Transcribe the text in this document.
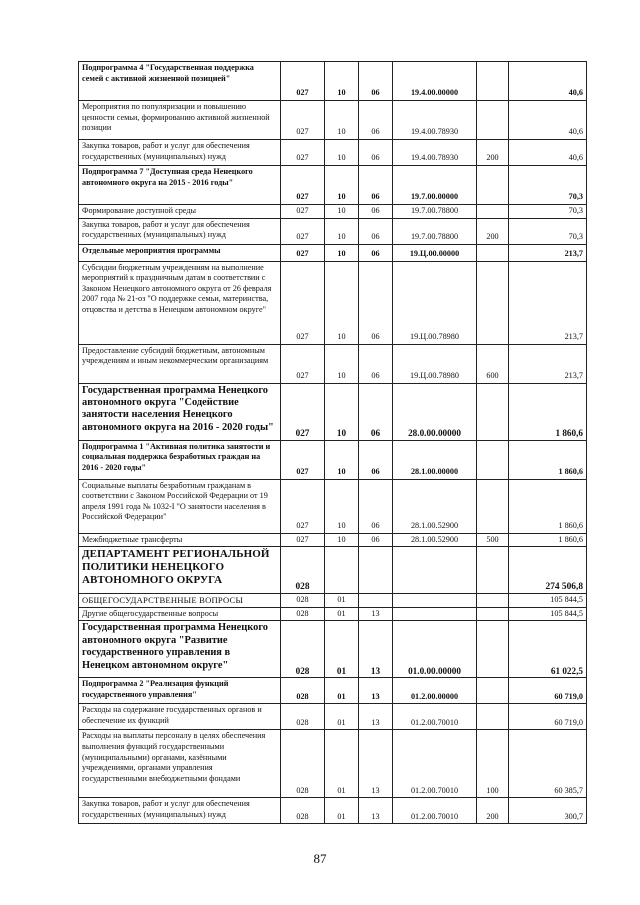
Подпрограмма 4 "Государственная поддержка семей с активной жизненной позицией"	027	10	06	19.4.00.00000		40,6
Мероприятия по популяризации и повышению ценности семьи, формированию активной жизненной позиции	027	10	06	19.4.00.78930		40,6
Закупка товаров, работ и услуг для обеспечения государственных (муниципальных) нужд	027	10	06	19.4.00.78930	200	40,6
Подпрограмма 7 "Доступная среда Ненецкого автономного округа на 2015 - 2016 годы"	027	10	06	19.7.00.00000		70,3
Формирование доступной среды	027	10	06	19.7.00.78800		70,3
Закупка товаров, работ и услуг для обеспечения государственных (муниципальных) нужд	027	10	06	19.7.00.78800	200	70,3
Отдельные мероприятия программы	027	10	06	19.Ц.00.00000		213,7
Субсидии бюджетным учреждениям на выполнение мероприятий к праздничным датам в соответствии с Законом Ненецкого автономного округа от 26 февраля 2007 года № 21-оз "О поддержке семьи, материнства, отцовства и детства в Ненецком автономном округе"	027	10	06	19.Ц.00.78980		213,7
Предоставление субсидий бюджетным, автономным учреждениям и иным некоммерческим организациям	027	10	06	19.Ц.00.78980	600	213,7
Государственная программа Ненецкого автономного округа "Содействие занятости населения Ненецкого автономного округа на 2016 - 2020 годы"	027	10	06	28.0.00.00000		1 860,6
Подпрограмма 1 "Активная политика занятости и социальная поддержка безработных граждан на 2016 - 2020 годы"	027	10	06	28.1.00.00000		1 860,6
Социальные выплаты безработным гражданам в соответствии с Законом Российской Федерации от 19 апреля 1991 года № 1032-I "О занятости населения в Российской Федерации"	027	10	06	28.1.00.52900		1 860,6
Межбюджетные трансферты	027	10	06	28.1.00.52900	500	1 860,6
ДЕПАРТАМЕНТ РЕГИОНАЛЬНОЙ ПОЛИТИКИ НЕНЕЦКОГО АВТОНОМНОГО ОКРУГА	028					274 506,8
ОБЩЕГОСУДАРСТВЕННЫЕ ВОПРОСЫ	028	01				105 844,5
Другие общегосударственные вопросы	028	01	13			105 844,5
Государственная программа Ненецкого автономного округа "Развитие государственного управления в Ненецком автономном округе"	028	01	13	01.0.00.00000		61 022,5
Подпрограмма 2 "Реализация функций государственного управления"	028	01	13	01.2.00.00000		60 719,0
Расходы на содержание государственных органов и обеспечение их функций	028	01	13	01.2.00.70010		60 719,0
Расходы на выплаты персоналу в целях обеспечения выполнения функций государственными (муниципальными) органами, казёнными учреждениями, органами управления государственными внебюджетными фондами	028	01	13	01.2.00.70010	100	60 385,7
Закупка товаров, работ и услуг для обеспечения государственных (муниципальных) нужд	028	01	13	01.2.00.70010	200	300,7
87
